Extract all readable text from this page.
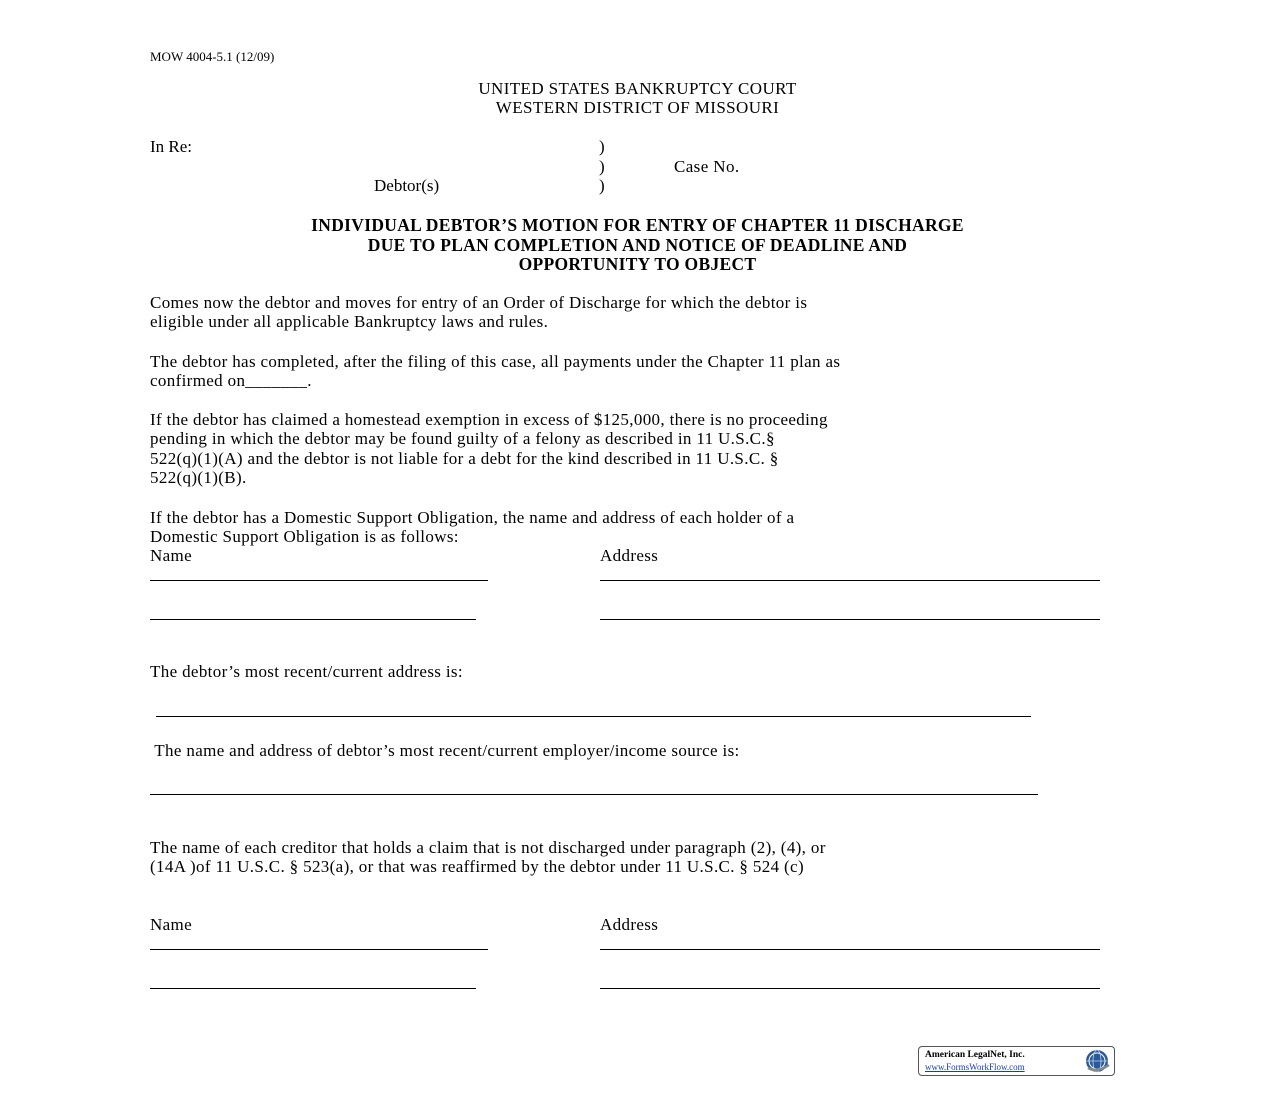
MOW 4004-5.1 (12/09)
UNITED STATES BANKRUPTCY COURT
WESTERN DISTRICT OF MISSOURI
In Re:	)
)	Case No.
Debtor(s)	)
INDIVIDUAL DEBTOR’S MOTION FOR ENTRY OF CHAPTER 11 DISCHARGE
DUE TO PLAN COMPLETION AND NOTICE OF DEADLINE AND
OPPORTUNITY TO OBJECT
Comes now the debtor and moves for entry of an Order of Discharge for which the debtor is
eligible under all applicable Bankruptcy laws and rules.
The debtor has completed, after the filing of this case, all payments under the Chapter 11 plan as
confirmed on_______.
If the debtor has claimed a homestead exemption in excess of $125,000, there is no proceeding
pending in which the debtor may be found guilty of a felony as described in 11 U.S.C.§
522(q)(1)(A) and the debtor is not liable for a debt for the kind described in 11 U.S.C. §
522(q)(1)(B).
If the debtor has a Domestic Support Obligation, the name and address of each holder of a
Domestic Support Obligation is as follows:
Name	Address
The debtor’s most recent/current address is:
The name and address of debtor’s most recent/current employer/income source is:
The name of each creditor that holds a claim that is not discharged under paragraph (2), (4), or
(14A )of 11 U.S.C. § 523(a), or that was reaffirmed by the debtor under 11 U.S.C. § 524 (c)
Name	Address
American LegalNet, Inc.
www.FormsWorkFlow.com
